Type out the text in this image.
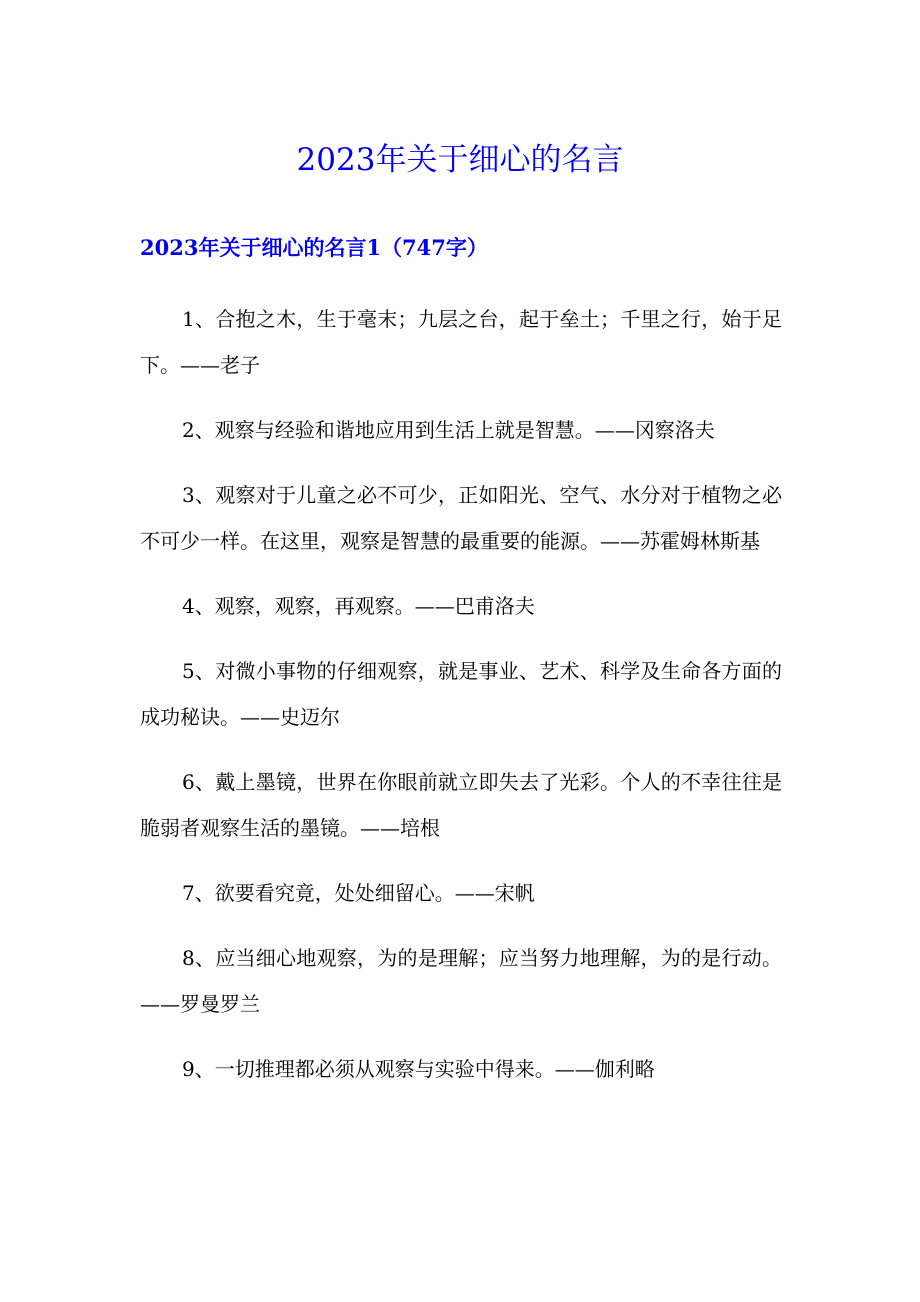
2023年关于细心的名言
2023年关于细心的名言1（747字）

1、合抱之木，生于毫末；九层之台，起于垒土；千里之行，始于足下。——老子

2、观察与经验和谐地应用到生活上就是智慧。——冈察洛夫

3、观察对于儿童之必不可少，正如阳光、空气、水分对于植物之必不可少一样。在这里，观察是智慧的最重要的能源。——苏霍姆林斯基

4、观察，观察，再观察。——巴甫洛夫

5、对微小事物的仔细观察，就是事业、艺术、科学及生命各方面的成功秘诀。——史迈尔

6、戴上墨镜，世界在你眼前就立即失去了光彩。个人的不幸往往是脆弱者观察生活的墨镜。——培根

7、欲要看究竟，处处细留心。——宋帆

8、应当细心地观察，为的是理解；应当努力地理解，为的是行动。——罗曼罗兰

9、一切推理都必须从观察与实验中得来。——伽利略
